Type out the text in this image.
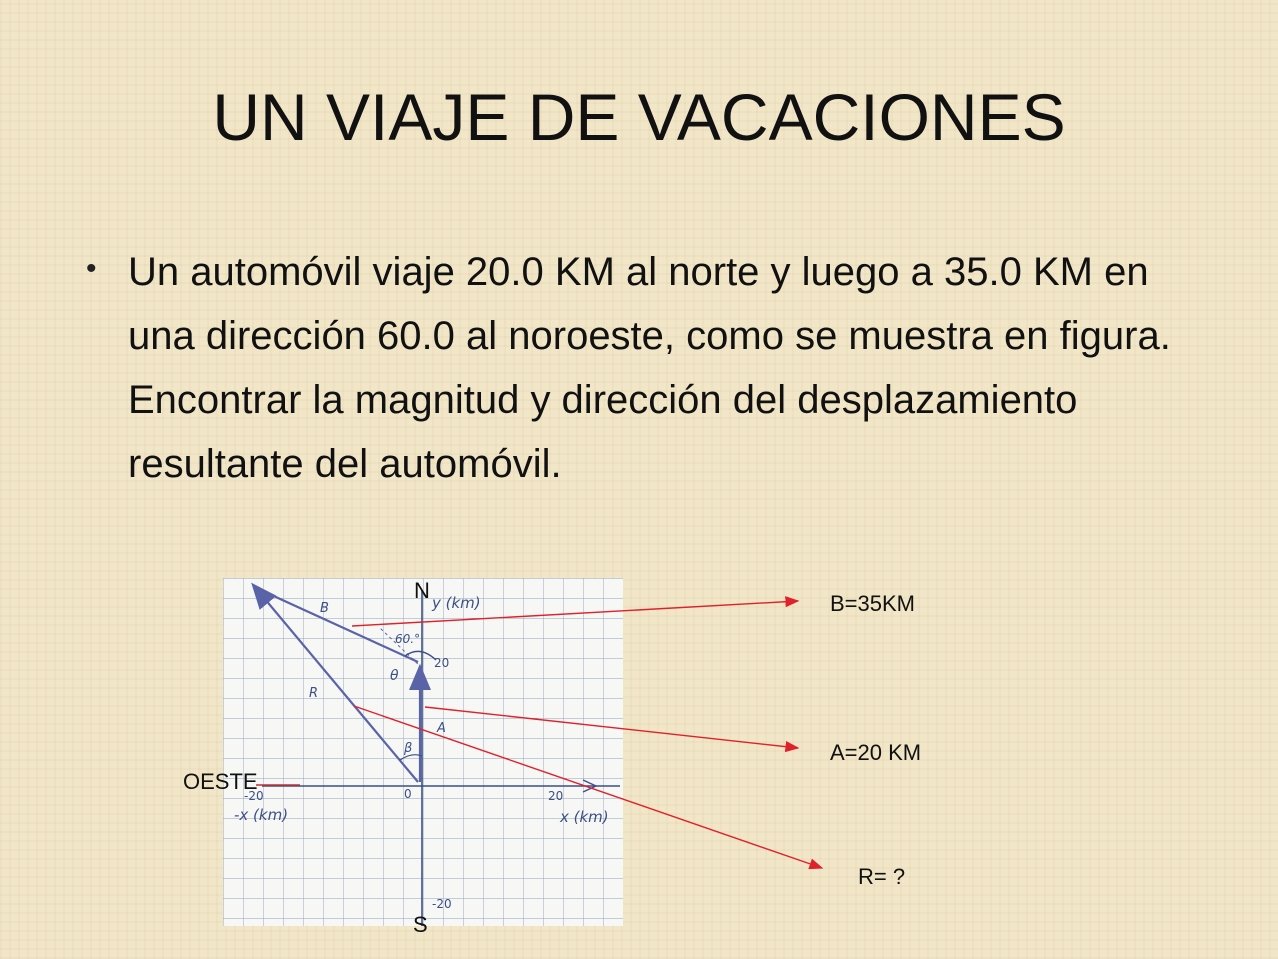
UN VIAJE DE VACACIONES
• Un automóvil viaje 20.0 KM al norte y luego a 35.0 KM en una dirección 60.0 al noroeste, como se muestra en figura. Encontrar la magnitud y dirección del desplazamiento resultante del automóvil.
y (km)
x (km)
-x (km)
0
20
-20
20
-20
A
B
R
60.°
θ
β
N
S
OESTE
B=35KM
A=20 KM
R= ?
